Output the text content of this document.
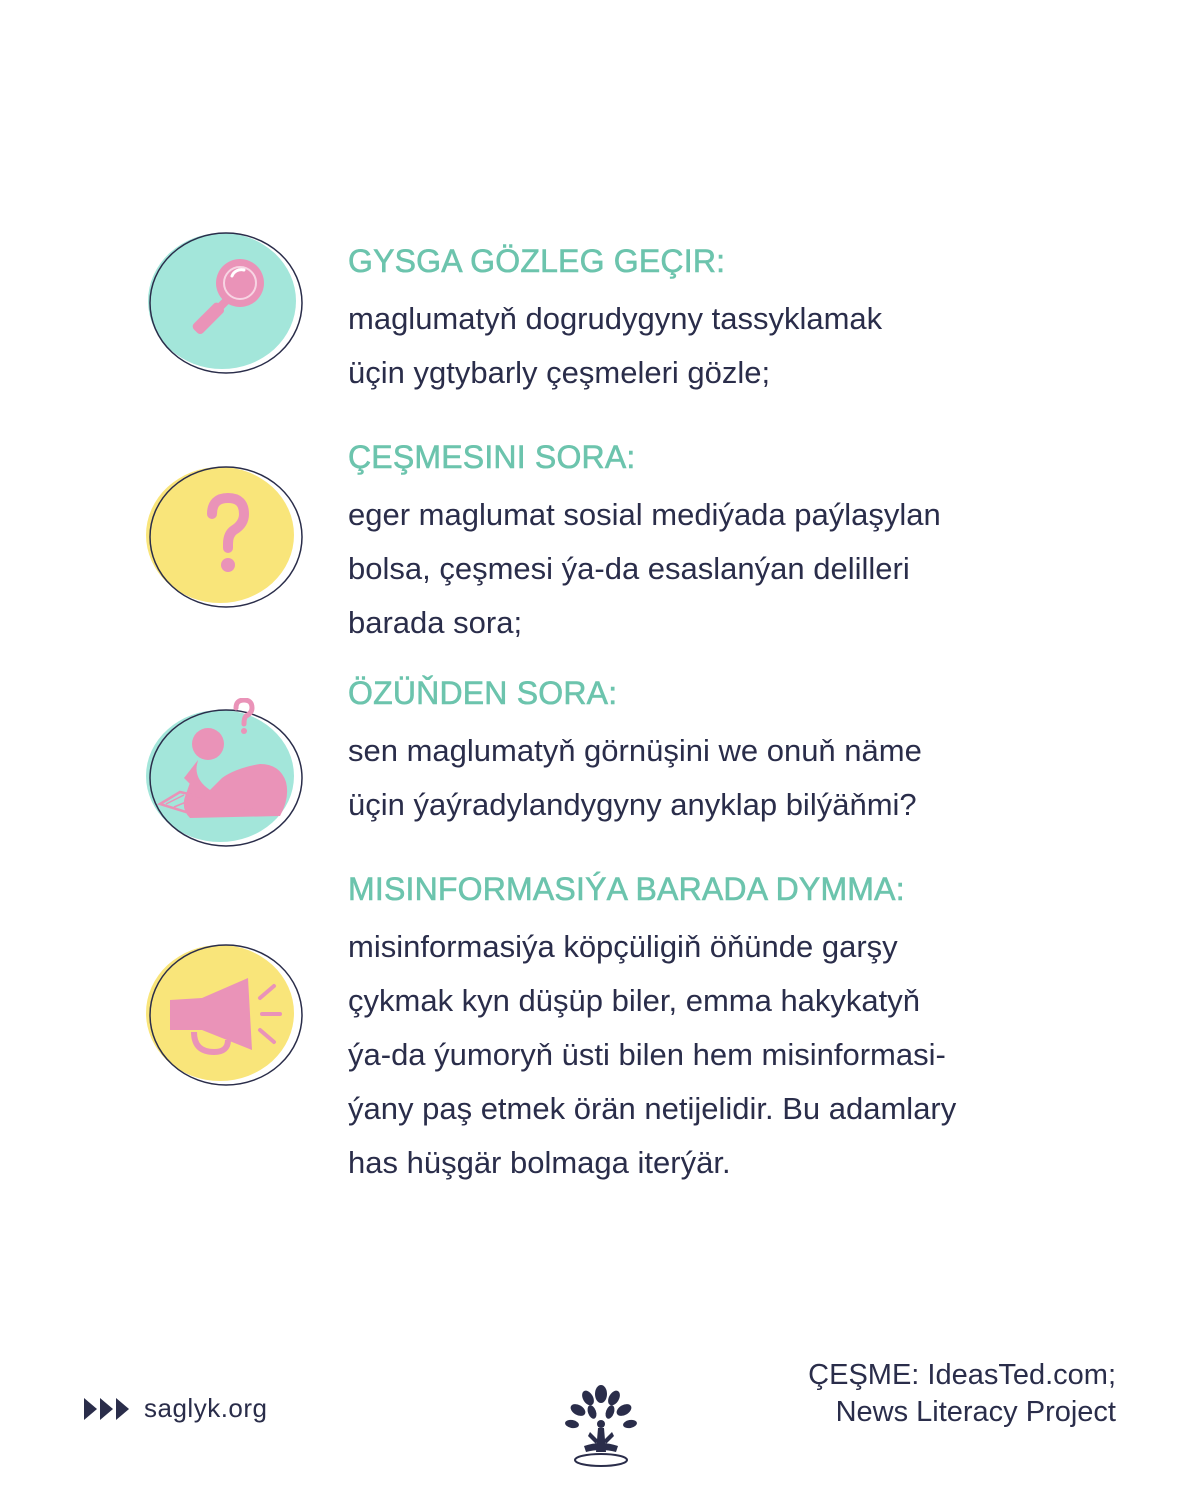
GYSGA GÖZLEG GEÇIR:

maglumatyň dogrudygyny tassyklamak

üçin ygtybarly çeşmeleri gözle;

ÇEŞMESINI SORA:

eger maglumat sosial mediýada paýlaşylan

bolsa, çeşmesi ýa-da esaslanýan delilleri

barada sora;

ÖZÜŇDEN SORA:

sen maglumatyň görnüşini we onuň näme

üçin ýaýradylandygyny anyklap bilýäňmi?

MISINFORMASIÝA BARADA DYMMA:

misinformasiýa köpçüligiň öňünde garşy

çykmak kyn düşüp biler, emma hakykatyň

ýa-da ýumoryň üsti bilen hem misinformasi-

ýany paş etmek örän netijelidir. Bu adamlary

has hüşgär bolmaga iterýär.

saglyk.org
ÇEŞME: IdeasTed.com;
News Literacy Project
